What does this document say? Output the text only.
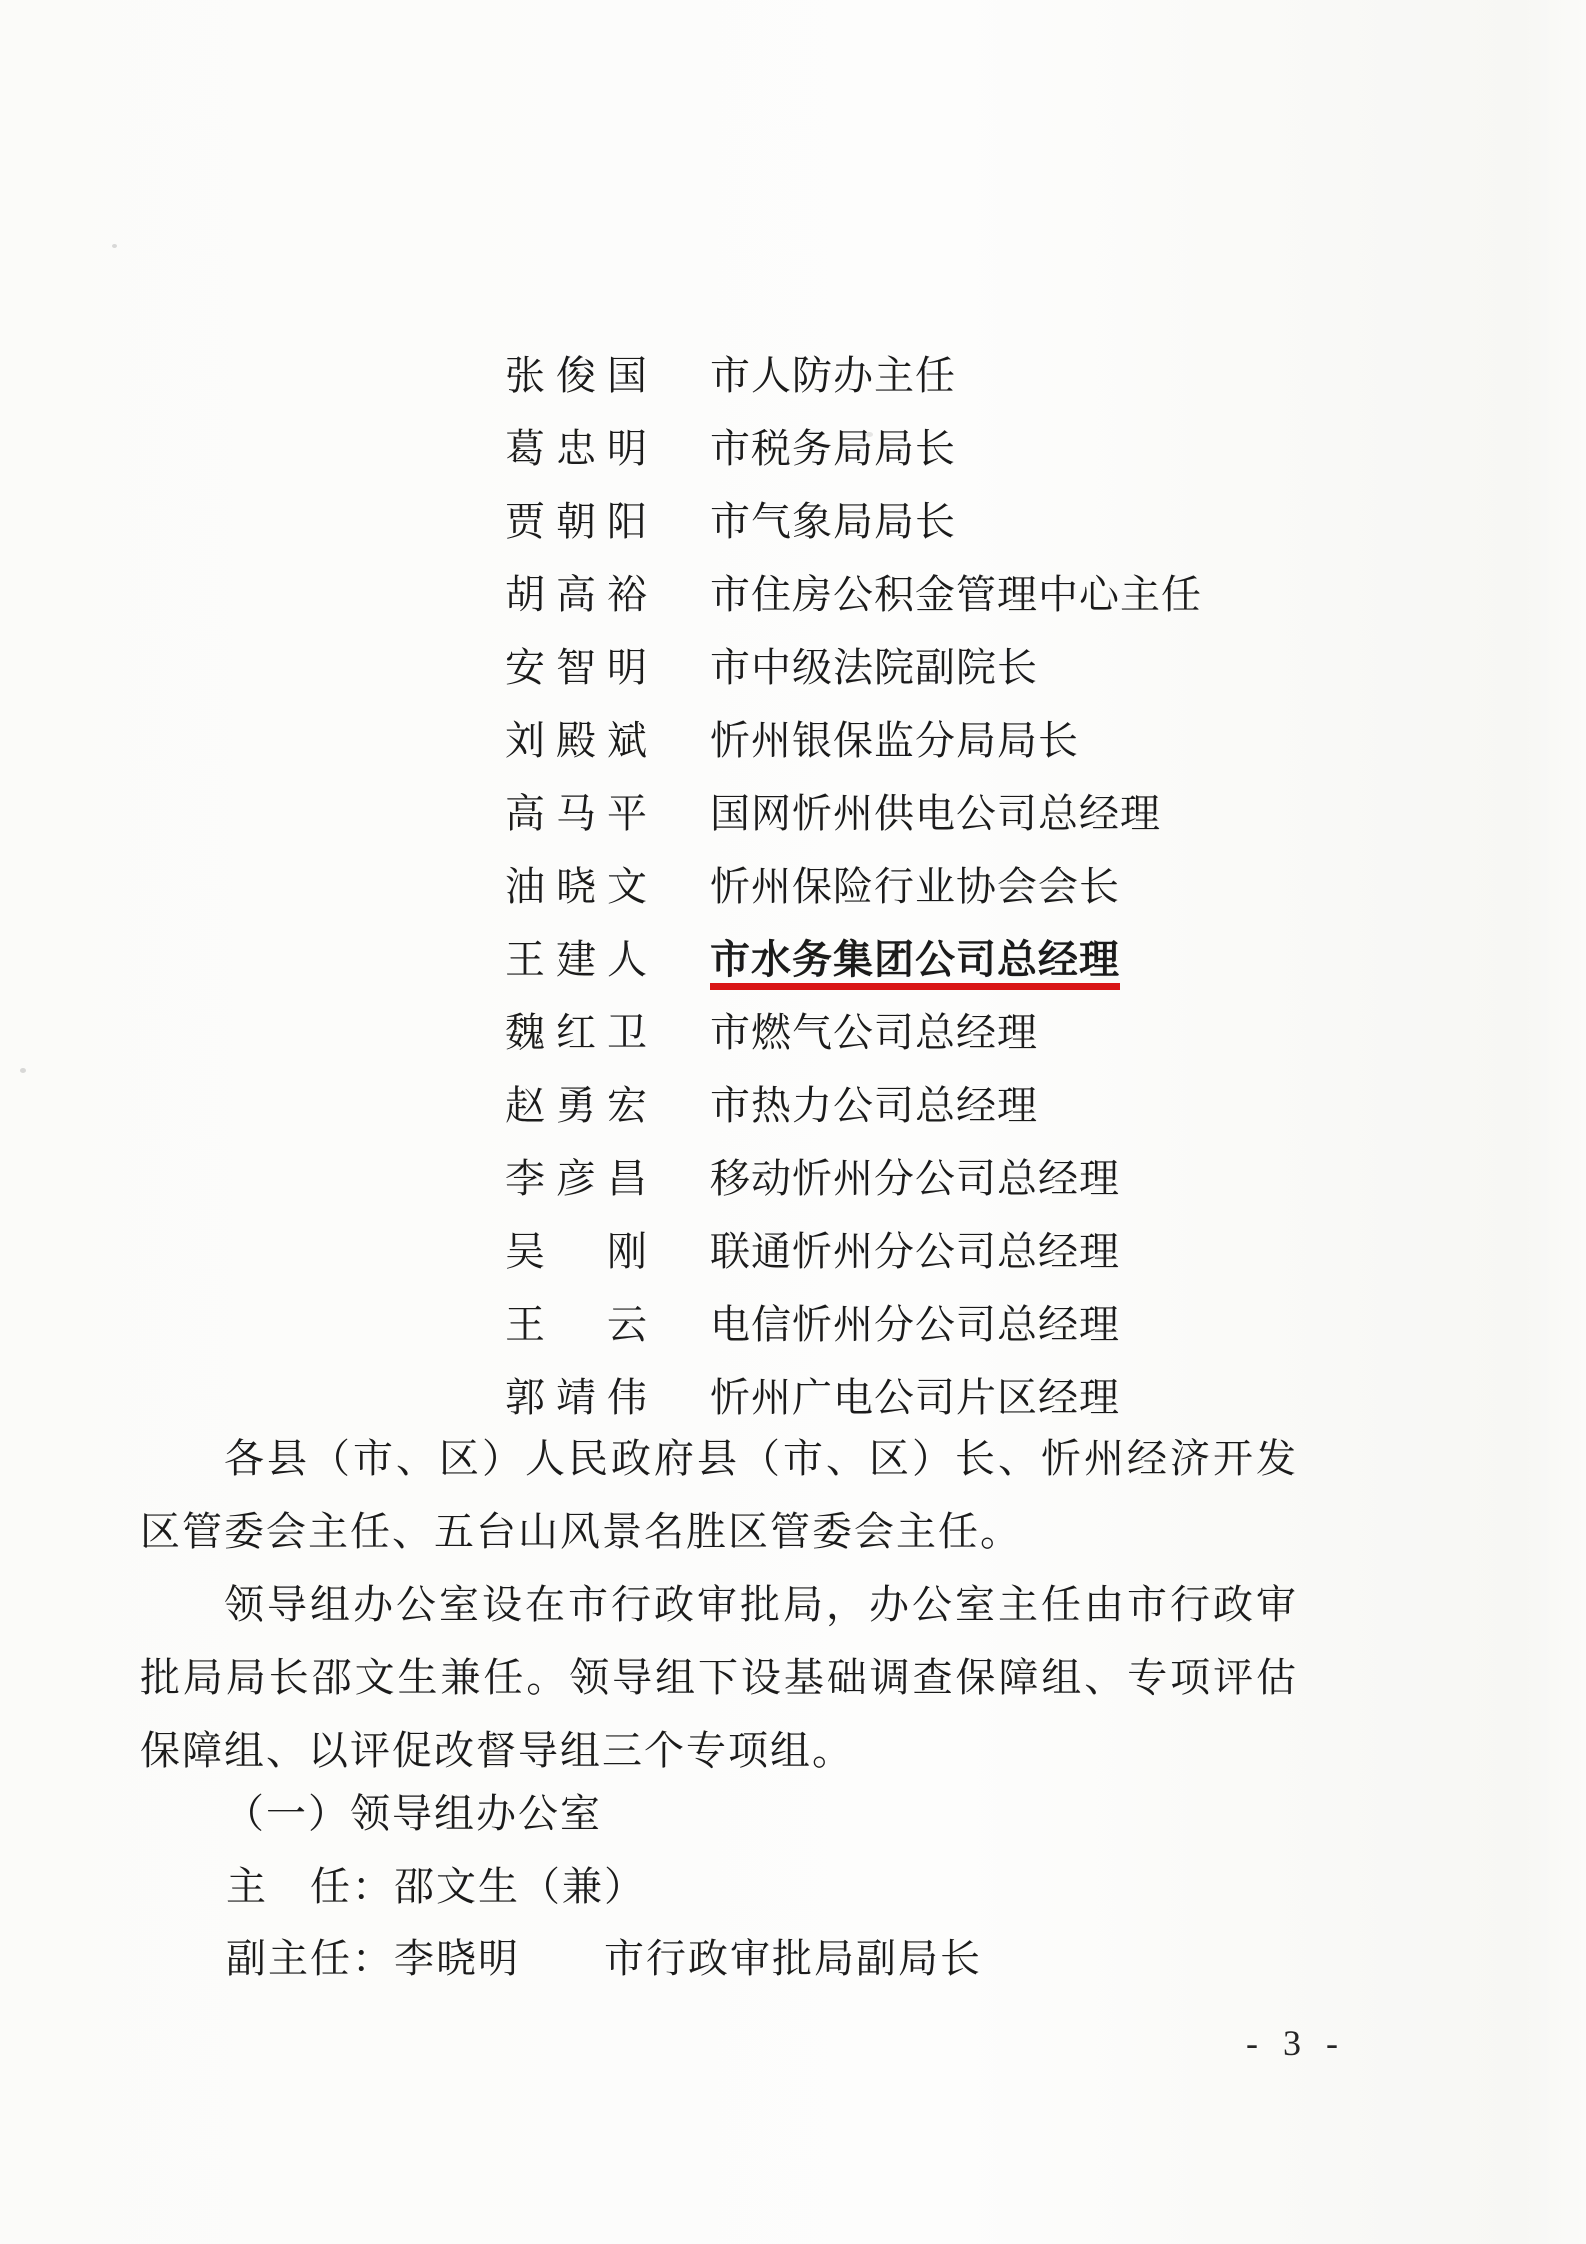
张俊国 市人防办主任
葛忠明 市税务局局长
贾朝阳 市气象局局长
胡高裕 市住房公积金管理中心主任
安智明 市中级法院副院长
刘殿斌 忻州银保监分局局长
高马平 国网忻州供电公司总经理
油晓文 忻州保险行业协会会长
王建人 市水务集团公司总经理
魏红卫 市燃气公司总经理
赵勇宏 市热力公司总经理
李彦昌 移动忻州分公司总经理
吴　刚 联通忻州分公司总经理
王　云 电信忻州分公司总经理
郭靖伟 忻州广电公司片区经理

各县（市、区）人民政府县（市、区）长、忻州经济开发区管委会主任、五台山风景名胜区管委会主任。

领导组办公室设在市行政审批局，办公室主任由市行政审批局局长邵文生兼任。领导组下设基础调查保障组、专项评估保障组、以评促改督导组三个专项组。

（一）领导组办公室
主　任：邵文生（兼）
副主任：李晓明　　市行政审批局副局长
- 3 -
